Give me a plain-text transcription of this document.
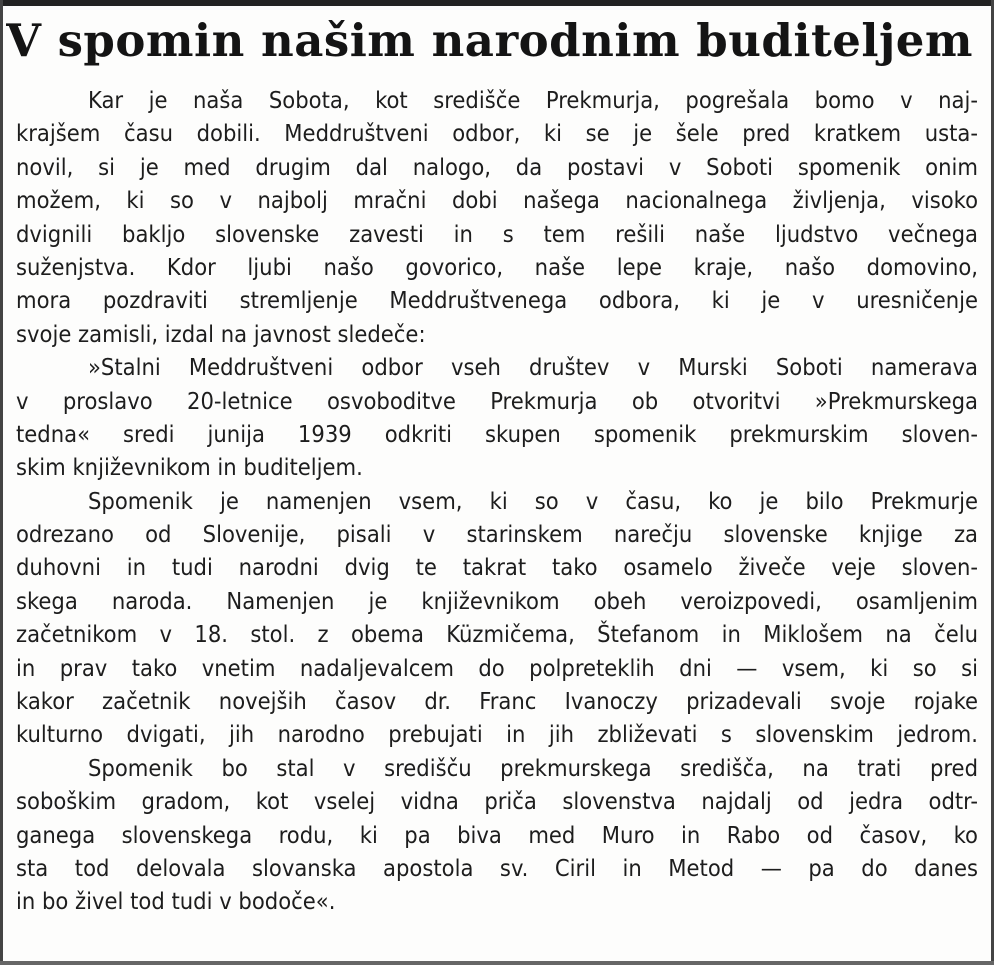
V spomin našim narodnim buditeljem
Kar je naša Sobota, kot središče Prekmurja, pogrešala bomo v naj-
krajšem času dobili. Meddruštveni odbor, ki se je šele pred kratkem usta-
novil, si je med drugim dal nalogo, da postavi v Soboti spomenik onim
možem, ki so v najbolj mračni dobi našega nacionalnega življenja, visoko
dvignili bakljo slovenske zavesti in s tem rešili naše ljudstvo večnega
suženjstva. Kdor ljubi našo govorico, naše lepe kraje, našo domovino,
mora pozdraviti stremljenje Meddruštvenega odbora, ki je v uresničenje
svoje zamisli, izdal na javnost sledeče:
»Stalni Meddruštveni odbor vseh društev v Murski Soboti namerava
v proslavo 20-letnice osvoboditve Prekmurja ob otvoritvi »Prekmurskega
tedna« sredi junija 1939 odkriti skupen spomenik prekmurskim sloven-
skim književnikom in buditeljem.
Spomenik je namenjen vsem, ki so v času, ko je bilo Prekmurje
odrezano od Slovenije, pisali v starinskem narečju slovenske knjige za
duhovni in tudi narodni dvig te takrat tako osamelo živeče veje sloven-
skega naroda. Namenjen je književnikom obeh veroizpovedi, osamljenim
začetnikom v 18. stol. z obema Küzmičema, Štefanom in Miklošem na čelu
in prav tako vnetim nadaljevalcem do polpreteklih dni — vsem, ki so si
kakor začetnik novejših časov dr. Franc Ivanoczy prizadevali svoje rojake
kulturno dvigati, jih narodno prebujati in jih zbliževati s slovenskim jedrom.
Spomenik bo stal v središču prekmurskega središča, na trati pred
soboškim gradom, kot vselej vidna priča slovenstva najdalj od jedra odtr-
ganega slovenskega rodu, ki pa biva med Muro in Rabo od časov, ko
sta tod delovala slovanska apostola sv. Ciril in Metod — pa do danes
in bo živel tod tudi v bodoče«.
